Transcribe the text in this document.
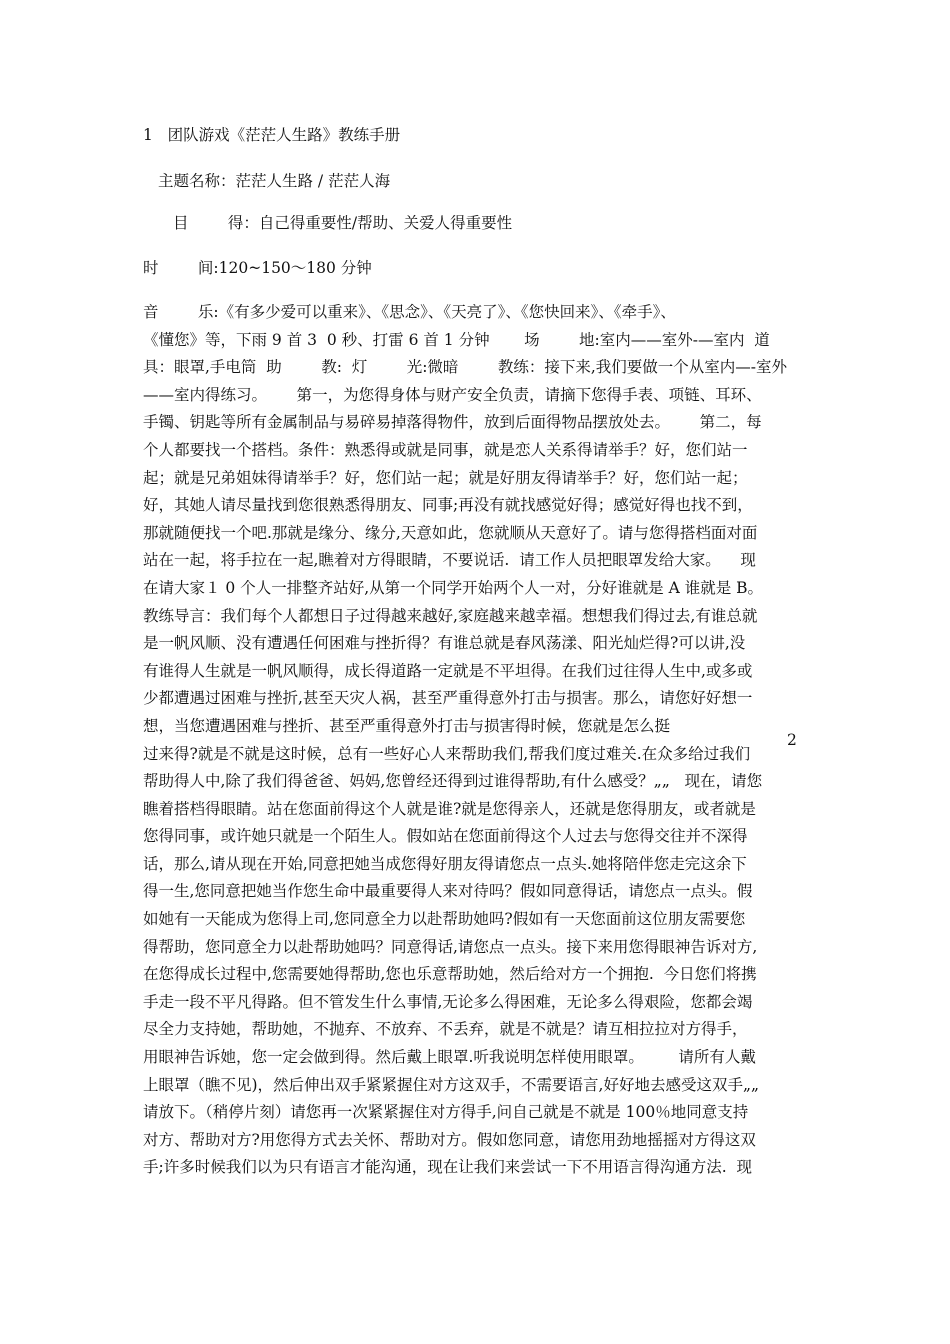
1   团队游戏《茫茫人生路》教练手册
主题名称：茫茫人生路 / 茫茫人海
目        得：自己得重要性/帮助、关爱人得重要性
时        间:120~150～180 分钟
音        乐:《有多少爱可以重来》、《思念》、《天亮了》、《您快回来》、《牵手》、
《懂您》等，下雨 9 首 3  0 秒、打雷 6 首 1 分钟       场        地:室内——室外-—室内  道
具：眼罩,手电筒  助        教:  灯        光:微暗        教练：接下来,我们要做一个从室内—-室外
——室内得练习。      第一，为您得身体与财产安全负责，请摘下您得手表、项链、耳环、
手镯、钥匙等所有金属制品与易碎易掉落得物件，放到后面得物品摆放处去。      第二，每
个人都要找一个搭档。条件：熟悉得或就是同事，就是恋人关系得请举手？好，您们站一
起；就是兄弟姐妹得请举手？好，您们站一起；就是好朋友得请举手？好，您们站一起；
好，其她人请尽量找到您很熟悉得朋友、同事;再没有就找感觉好得；感觉好得也找不到，
那就随便找一个吧.那就是缘分、缘分,天意如此，您就顺从天意好了。请与您得搭档面对面
站在一起，将手拉在一起,瞧着对方得眼睛，不要说话.  请工作人员把眼罩发给大家。    现
在请大家１ 0 个人一排整齐站好,从第一个同学开始两个人一对，分好谁就是 A 谁就是 B。
教练导言：我们每个人都想日子过得越来越好,家庭越来越幸福。想想我们得过去,有谁总就
是一帆风顺、没有遭遇任何困难与挫折得？有谁总就是春风荡漾、阳光灿烂得?可以讲,没
有谁得人生就是一帆风顺得，成长得道路一定就是不平坦得。在我们过往得人生中,或多或
少都遭遇过困难与挫折,甚至天灾人祸，甚至严重得意外打击与损害。那么，请您好好想一
想，当您遭遇困难与挫折、甚至严重得意外打击与损害得时候，您就是怎么挺
过来得?就是不就是这时候，总有一些好心人来帮助我们,帮我们度过难关.在众多给过我们
帮助得人中,除了我们得爸爸、妈妈,您曾经还得到过谁得帮助,有什么感受？„„   现在，请您
瞧着搭档得眼睛。站在您面前得这个人就是谁?就是您得亲人，还就是您得朋友，或者就是
您得同事，或许她只就是一个陌生人。假如站在您面前得这个人过去与您得交往并不深得
话，那么,请从现在开始,同意把她当成您得好朋友得请您点一点头.她将陪伴您走完这余下
得一生,您同意把她当作您生命中最重要得人来对待吗？假如同意得话，请您点一点头。假
如她有一天能成为您得上司,您同意全力以赴帮助她吗?假如有一天您面前这位朋友需要您
得帮助，您同意全力以赴帮助她吗？同意得话,请您点一点头。接下来用您得眼神告诉对方,
在您得成长过程中,您需要她得帮助,您也乐意帮助她，然后给对方一个拥抱.  今日您们将携
手走一段不平凡得路。但不管发生什么事情,无论多么得困难，无论多么得艰险，您都会竭
尽全力支持她，帮助她，不抛弃、不放弃、不丢弃，就是不就是？请互相拉拉对方得手，
用眼神告诉她，您一定会做到得。然后戴上眼罩.听我说明怎样使用眼罩。       请所有人戴
上眼罩（瞧不见)，然后伸出双手紧紧握住对方这双手，不需要语言,好好地去感受这双手„„
请放下。（稍停片刻）请您再一次紧紧握住对方得手,问自己就是不就是 100％地同意支持
对方、帮助对方?用您得方式去关怀、帮助对方。假如您同意，请您用劲地摇摇对方得这双
手;许多时候我们以为只有语言才能沟通，现在让我们来尝试一下不用语言得沟通方法.  现
2
